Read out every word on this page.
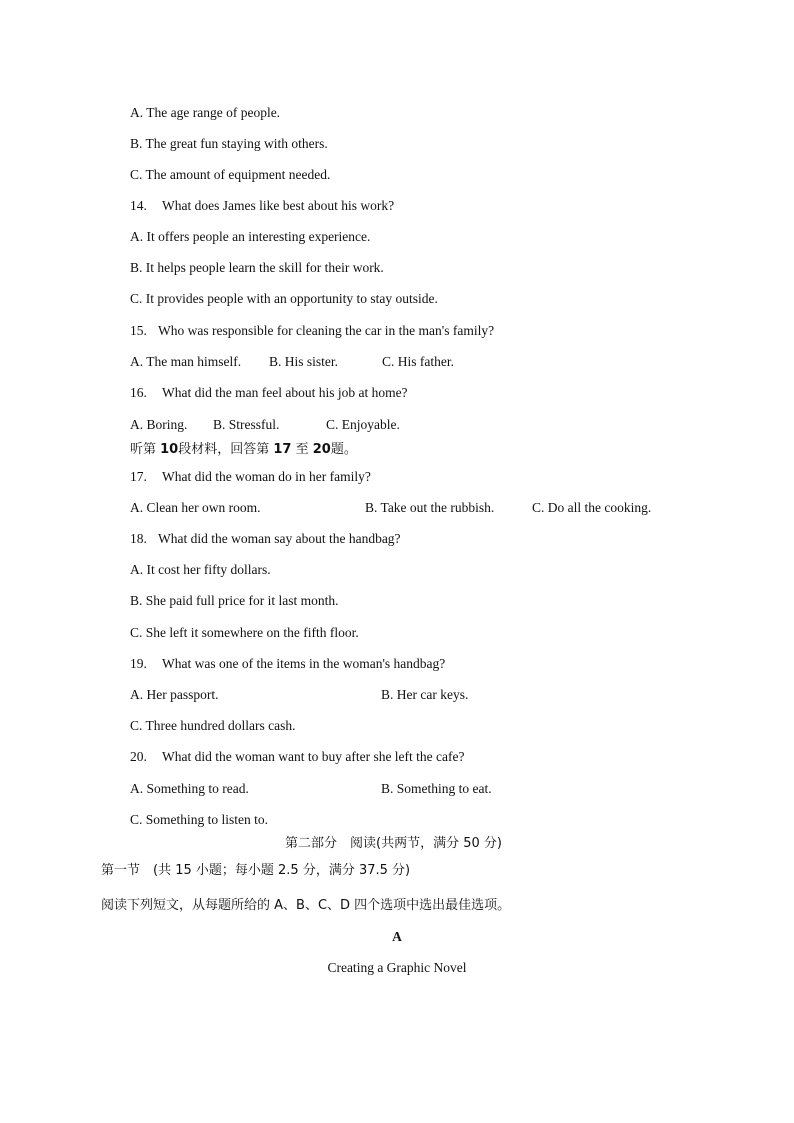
A. The age range of people.
B. The great fun staying with others.
C. The amount of equipment needed.
14. What does James like best about his work?
A. It offers people an interesting experience.
B. It helps people learn the skill for their work.
C. It provides people with an opportunity to stay outside.
15. Who was responsible for cleaning the car in the man's family?
A. The man himself. B. His sister.	C. His father.
16. What did the man feel about his job at home?
A. Boring. B. Stressful.	C. Enjoyable.
听第 10段材料，回答第 17 至 20题。
17. What did the woman do in her family?
A. Clean her own room.	B. Take out the rubbish.	C. Do all the cooking.
18. What did the woman say about the handbag?
A. It cost her fifty dollars.
B. She paid full price for it last month.
C. She left it somewhere on the fifth floor.
19. What was one of the items in the woman's handbag?
A. Her passport.	B. Her car keys.
C. Three hundred dollars cash.
20. What did the woman want to buy after she left the cafe?
A. Something to read.	B. Something to eat.
C. Something to listen to.
第二部分　阅读(共两节，满分 50 分)
第一节　(共 15 小题；每小题 2.5 分，满分 37.5 分)
阅读下列短文，从每题所给的 A、B、C、D 四个选项中选出最佳选项。
A
Creating a Graphic Novel
